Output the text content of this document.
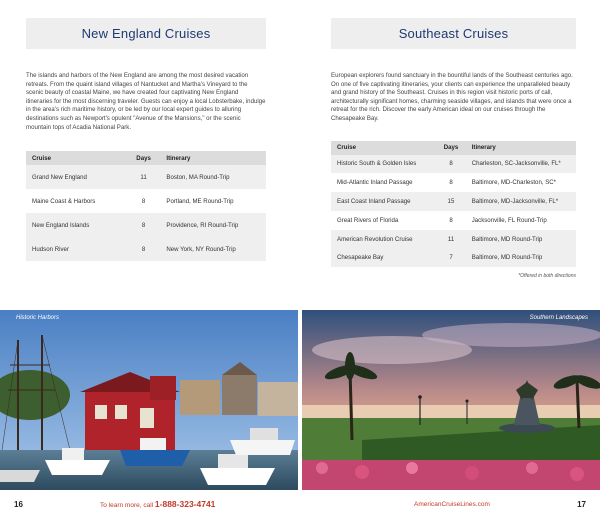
New England Cruises

The islands and harbors of the New England are among the most desired vacation retreats. From the quaint island villages of Nantucket and Martha's Vineyard to the scenic beauty of coastal Maine, we have created four captivating New England itineraries for the most discerning traveler. Guests can enjoy a local Lobsterbake, indulge in the area's rich maritime history, or be led by our local expert guides to alluring destinations such as Newport's opulent "Avenue of the Mansions," or the scenic mountain tops of Acadia National Park.

Cruise	Days	Itinerary
Grand New England	11	Boston, MA Round-Trip
Maine Coast & Harbors	8	Portland, ME Round-Trip
New England Islands	8	Providence, RI Round-Trip
Hudson River	8	New York, NY Round-Trip
Southeast Cruises

European explorers found sanctuary in the bountiful lands of the Southeast centuries ago. On one of five captivating itineraries, your clients can experience the unparalleled beauty and grand history of the Southeast. Cruises in this region visit historic ports of call, architecturally significant homes, charming seaside villages, and islands that were once a retreat for the rich. Discover the early American ideal on our cruises through the Chesapeake Bay.

Cruise	Days	Itinerary
Historic South & Golden Isles	8	Charleston, SC-Jacksonville, FL*
Mid-Atlantic Inland Passage	8	Baltimore, MD-Charleston, SC*
East Coast Inland Passage	15	Baltimore, MD-Jacksonville, FL*
Great Rivers of Florida	8	Jacksonville, FL Round-Trip
American Revolution Cruise	11	Baltimore, MD Round-Trip
Chesapeake Bay	7	Baltimore, MD Round-Trip
*Offered in both directions
Historic Harbors	Southern Landscapes
16	To learn more, call 1-888-323-4741	AmericanCruiseLines.com	17
